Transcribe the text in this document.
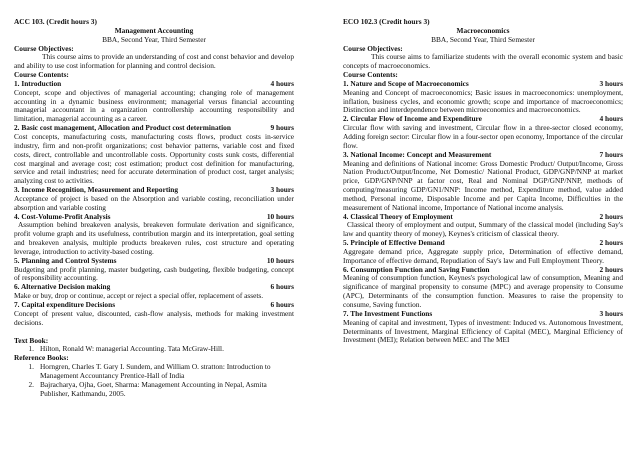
ACC 103. (Credit hours 3)
Management Accounting
BBA, Second Year, Third Semester
Course Objectives:
This course aims to provide an understanding of cost and const behavior and develop and ability to use cost information for planning and control decision.
Course Contents:
1. Introduction	4 hours
Concept, scope and objectives of managerial accounting; changing role of management accounting in a dynamic business environment; managerial versus financial accounting managerial accountant in a organization controllership accounting responsibility and limitation, managerial accounting as a career.
2. Basic cost management, Allocation and Product cost determination	9 hours
Cost concepts, manufacturing costs, manufacturing costs flows, product costs in-service industry, firm and non-profit organizations; cost behavior patterns, variable cost and fixed costs, direct, controllable and uncontrollable costs. Opportunity costs sunk costs, differential cost marginal and average cost; cost estimation; product cost definition for manufacturing, service and retail industries; need for accurate determination of product cost, target analysis; analyzing cost to activities.
3. Income Recognition, Measurement and Reporting	3 hours
Acceptance of project is based on the Absorption and variable costing, reconciliation under absorption and variable costing
4. Cost-Volume-Profit Analysis	10 hours
Assumption behind breakeven analysis, breakeven formulate derivation and significance, profit volume graph and its usefulness, contribution margin and its interpretation, goal setting and breakeven analysis, multiple products breakeven rules, cost structure and operating leverage, introduction to activity-based costing.
5. Planning and Control Systems	10 hours
Budgeting and profit planning, master budgeting, cash budgeting, flexible budgeting, concept of responsibility accounting.
6. Alternative Decision making	6 hours
Make or buy, drop or continue, accept or reject a special offer, replacement of assets.
7. Capital expenditure Decisions	6 hours
Concept of present value, discounted, cash-flow analysis, methods for making investment decisions.
Text Book:
1. Hilton, Ronald W: managerial Accounting. Tata McGraw-Hill.
Reference Books:
1. Horngren, Charles T. Gary I. Sundem, and William O. stratton: Introduction to Management Accountancy Prentice-Hall of India
2. Bajracharya, Ojha, Goet, Sharma: Management Accounting in Nepal, Asmita Publisher, Kathmandu, 2005.
ECO 102.3 (Credit hours 3)
Macroeconomics
BBA, Second Year, Third Semester
Course Objectives:
This course aims to familiarize students with the overall economic system and basic concepts of macroeconomics.
Course Contents:
1. Nature and Scope of Macroeconomics	3 hours
Meaning and Concept of macroeconomics; Basic issues in macroeconomics: unemployment, inflation, business cycles, and economic growth; scope and importance of macroeconomics; Distinction and interdependence between microeconomics and macroeconomics.
2. Circular Flow of Income and Expenditure	4 hours
Circular flow with saving and investment, Circular flow in a three-sector closed economy, Adding foreign sector: Circular flow in a four-sector open economy, Importance of the circular flow.
3. National Income: Concept and Measurement	7 hours
Meaning and definitions of National income: Gross Domestic Product/ Output/Income, Gross Nation Product/Output/Income, Net Domestic/ National Product, GDP/GNP/NNP at market price, GDP/GNP/NNP at factor cost, Real and Nominal DGP/GNP/NNP, methods of computing/measuring GDP/GN1/NNP: Income method, Expenditure method, value added method, Personal income, Disposable Income and per Capita Income, Difficulties in the measurement of National income, Importance of National income analysis.
4. Classical Theory of Employment	2 hours
Classical theory of employment and output, Summary of the classical model (including Say's law and quantity theory of money), Keynes's criticism of classical theory.
5. Principle of Effective Demand	2 hours
Aggregate demand price, Aggregate supply price, Determination of effective demand, Importance of effective demand, Repudiation of Say's law and Full Employment Theory.
6. Consumption Function and Saving Function	2 hours
Meaning of consumption function, Keynes's psychological law of consumption, Meaning and significance of marginal propensity to consume (MPC) and average propensity to Consume (APC), Determinants of the consumption function. Measures to raise the propensity to consume, Saving function.
7. The Investment Functions	3 hours
Meaning of capital and investment, Types of investment: Induced vs. Autonomous Investment, Determinants of Investment, Marginal Efficiency of Capital (MEC), Marginal Efficiency of Investment (MEI); Relation between MEC and The MEI
